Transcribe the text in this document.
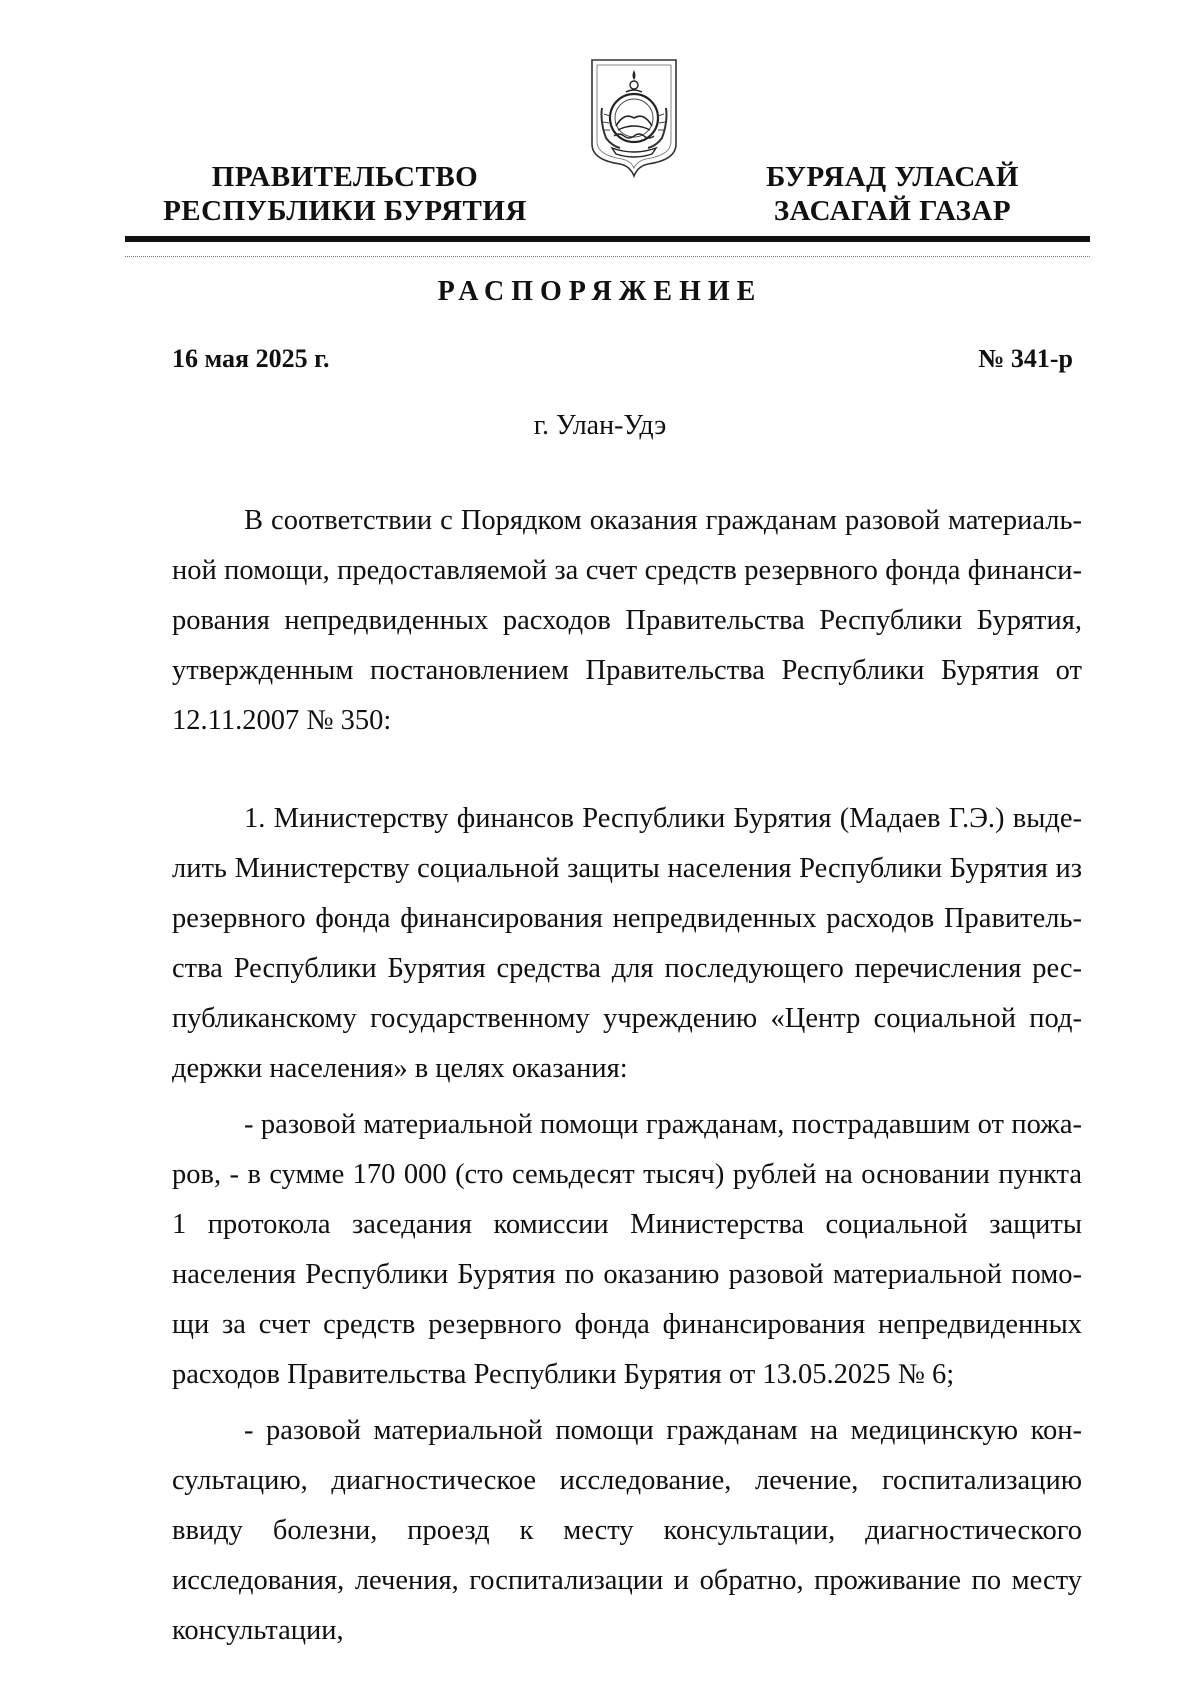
ПРАВИТЕЛЬСТВО
РЕСПУБЛИКИ БУРЯТИЯ
БУРЯАД УЛАСАЙ
ЗАСАГАЙ ГАЗАР
РАСПОРЯЖЕНИЕ
16 мая 2025 г.	№ 341-р
г. Улан-Удэ

В соответствии с Порядком оказания гражданам разовой материальной помощи, предоставляемой за счет средств резервного фонда финансирования непредвиденных расходов Правительства Республики Бурятия, утвержденным постановлением Правительства Республики Бурятия от 12.11.2007 № 350:

1. Министерству финансов Республики Бурятия (Мадаев Г.Э.) выделить Министерству социальной защиты населения Республики Бурятия из резервного фонда финансирования непредвиденных расходов Правительства Республики Бурятия средства для последующего перечисления республиканскому государственному учреждению «Центр социальной поддержки населения» в целях оказания:

- разовой материальной помощи гражданам, пострадавшим от пожаров, - в сумме 170 000 (сто семьдесят тысяч) рублей на основании пункта 1 протокола заседания комиссии Министерства социальной защиты населения Республики Бурятия по оказанию разовой материальной помощи за счет средств резервного фонда финансирования непредвиденных расходов Правительства Республики Бурятия от 13.05.2025 № 6;

- разовой материальной помощи гражданам на медицинскую консультацию, диагностическое исследование, лечение, госпитализацию ввиду болезни, проезд к месту консультации, диагностического исследования, лечения, госпитализации и обратно, проживание по месту консультации,
